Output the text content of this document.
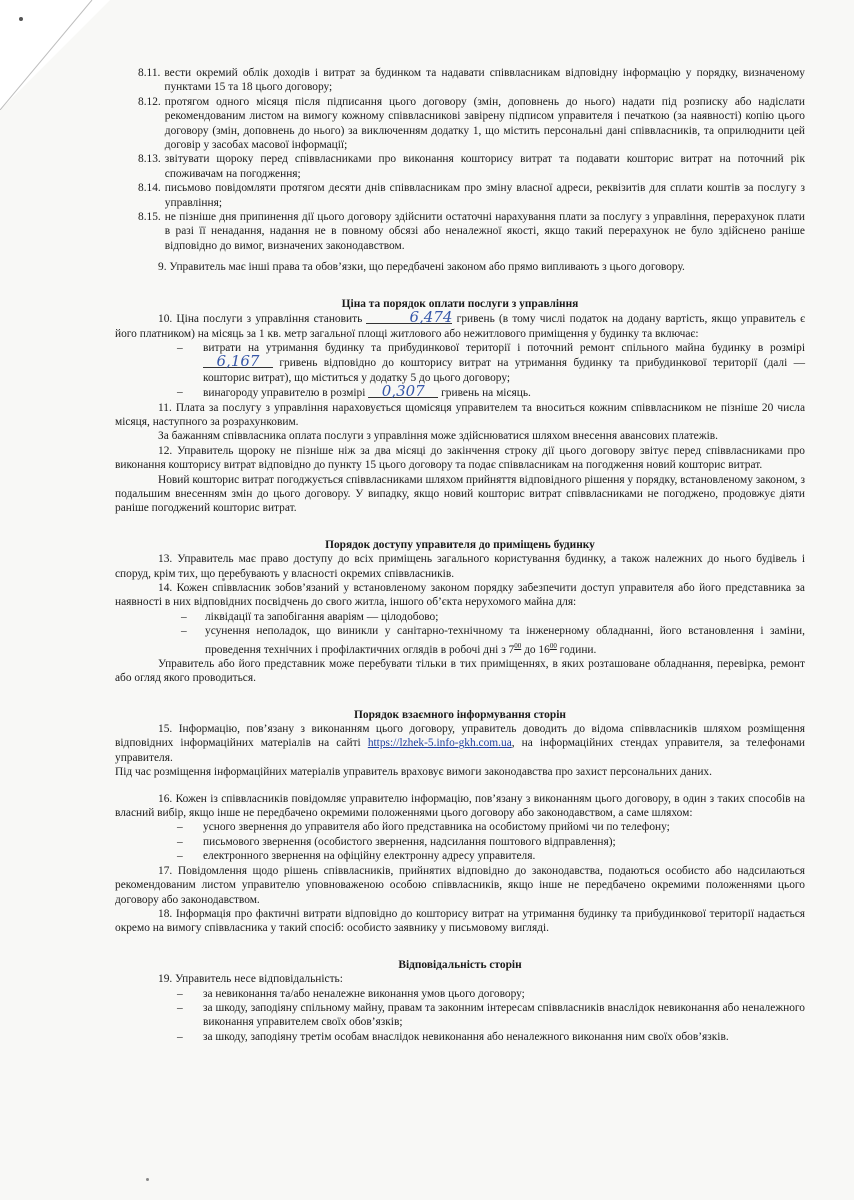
8.11. вести окремий облік доходів і витрат за будинком та надавати співвласникам відповідну інформацію у порядку, визначеному пунктами 15 та 18 цього договору;
8.12. протягом одного місяця після підписання цього договору (змін, доповнень до нього) надати під розписку або надіслати рекомендованим листом на вимогу кожному співвласникові завірену підписом управителя і печаткою (за наявності) копію цього договору (змін, доповнень до нього) за виключенням додатку 1, що містить персональні дані співвласників, та оприлюднити цей договір у засобах масової інформації;
8.13. звітувати щороку перед співвласниками про виконання кошторису витрат та подавати кошторис витрат на поточний рік споживачам на погодження;
8.14. письмово повідомляти протягом десяти днів співвласникам про зміну власної адреси, реквізитів для сплати коштів за послугу з управління;
8.15. не пізніше дня припинення дії цього договору здійснити остаточні нарахування плати за послугу з управління, перерахунок плати в разі її ненадання, надання не в повному обсязі або неналежної якості, якщо такий перерахунок не було здійснено раніше відповідно до вимог, визначених законодавством.

9. Управитель має інші права та обов’язки, що передбачені законом або прямо випливають з цього договору.

Ціна та порядок оплати послуги з управління

10. Ціна послуги з управління становить	6,474 гривень (в тому числі податок на додану вартість, якщо управитель є його платником) на місяць за 1 кв. метр загальної площі житлового або нежитлового приміщення у будинку та включає:

–	витрати на утримання будинку та прибудинкової території і поточний ремонт спільного майна будинку в розмірі 6,167 гривень відповідно до кошторису витрат на утримання будинку та прибудинкової території (далі — кошторис витрат), що міститься у додатку 5 до цього договору;
–	винагороду управителю в розмірі 0,307 гривень на місяць.

11. Плата за послугу з управління нараховується щомісяця управителем та вноситься кожним співвласником не пізніше 20 числа місяця, наступного за розрахунковим.

За бажанням співвласника оплата послуги з управління може здійснюватися шляхом внесення авансових платежів.

12. Управитель щороку не пізніше ніж за два місяці до закінчення строку дії цього договору звітує перед співвласниками про виконання кошторису витрат відповідно до пункту 15 цього договору та подає співвласникам на погодження новий кошторис витрат.

Новий кошторис витрат погоджується співвласниками шляхом прийняття відповідного рішення у порядку, встановленому законом, з подальшим внесенням змін до цього договору. У випадку, якщо новий кошторис витрат співвласниками не погоджено, продовжує діяти раніше погоджений кошторис витрат.

Порядок доступу управителя до приміщень будинку

13. Управитель має право доступу до всіх приміщень загального користування будинку, а також належних до нього будівель і споруд, крім тих, що перебувають у власності окремих співвласників.

14. Кожен співвласник зобов’язаний у встановленому законом порядку забезпечити доступ управителя або його представника за наявності в них відповідних посвідчень до свого житла, іншого об’єкта нерухомого майна для:

–	ліквідації та запобігання аваріям — цілодобово;
–	усунення неполадок, що виникли у санітарно-технічному та інженерному обладнанні, його встановлення і заміни, проведення технічних і профілактичних оглядів в робочі дні з $7^{00}$ до $16^{00}$ години.

Управитель або його представник може перебувати тільки в тих приміщеннях, в яких розташоване обладнання, перевірка, ремонт або огляд якого проводиться.

Порядок взаємного інформування сторін

15. Інформацію, пов’язану з виконанням цього договору, управитель доводить до відома співвласників шляхом розміщення відповідних інформаційних матеріалів на сайті https://lzhek-5.info-gkh.com.ua, на інформаційних стендах управителя, за телефонами управителя.

Під час розміщення інформаційних матеріалів управитель враховує вимоги законодавства про захист персональних даних.

16. Кожен із співвласників повідомляє управителю інформацію, пов’язану з виконанням цього договору, в один з таких способів на власний вибір, якщо інше не передбачено окремими положеннями цього договору або законодавством, а саме шляхом:

–	усного звернення до управителя або його представника на особистому прийомі чи по телефону;
–	письмового звернення (особистого звернення, надсилання поштового відправлення);
–	електронного звернення на офіційну електронну адресу управителя.

17. Повідомлення щодо рішень співвласників, прийнятих відповідно до законодавства, подаються особисто або надсилаються рекомендованим листом управителю уповноваженою особою співвласників, якщо інше не передбачено окремими положеннями цього договору або законодавством.

18. Інформація про фактичні витрати відповідно до кошторису витрат на утримання будинку та прибудинкової території надається окремо на вимогу співвласника у такий спосіб: особисто заявнику у письмовому вигляді.

Відповідальність сторін

19. Управитель несе відповідальність:

–	за невиконання та/або неналежне виконання умов цього договору;
–	за шкоду, заподіяну спільному майну, правам та законним інтересам співвласників внаслідок невиконання або неналежного виконання управителем своїх обов’язків;
–	за шкоду, заподіяну третім особам внаслідок невиконання або неналежного виконання ним своїх обов’язків.
